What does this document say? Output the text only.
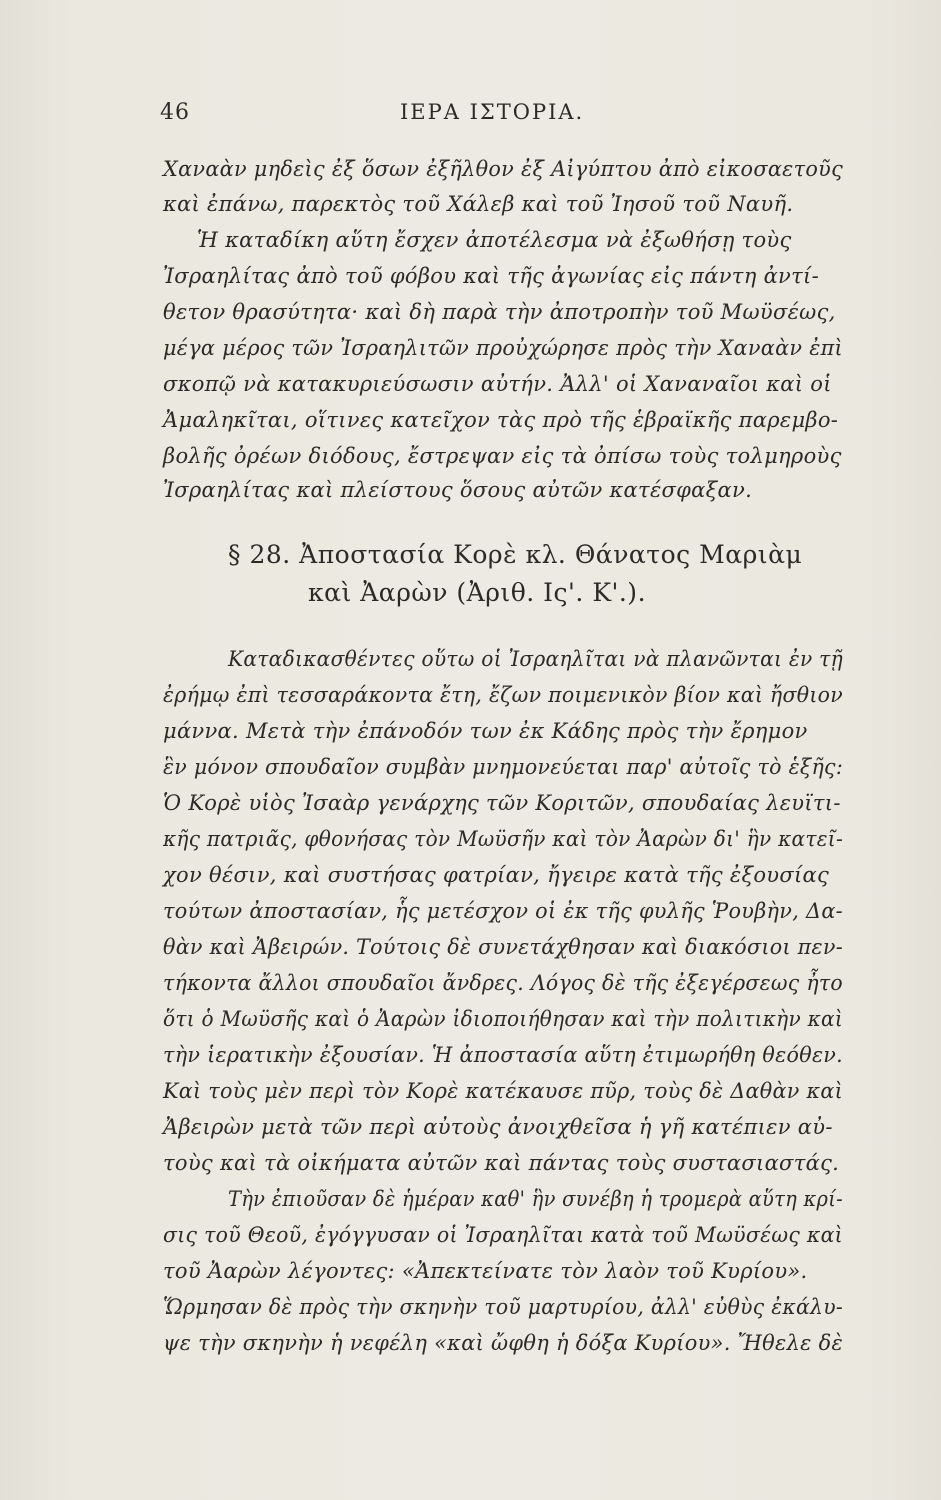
46	ΙΕΡΑ ΙΣΤΟΡΙΑ.
Χαναὰν μηδεὶς ἐξ ὅσων ἐξῆλθον ἐξ Αἰγύπτου ἀπὸ εἰκοσαετοῦς
καὶ ἐπάνω, παρεκτὸς τοῦ Χάλεβ καὶ τοῦ Ἰησοῦ τοῦ Ναυῆ.
Ἡ καταδίκη αὕτη ἔσχεν ἀποτέλεσμα νὰ ἐξωθήσῃ τοὺς
Ἰσραηλίτας ἀπὸ τοῦ φόβου καὶ τῆς ἀγωνίας εἰς πάντη ἀντί-
θετον θρασύτητα· καὶ δὴ παρὰ τὴν ἀποτροπὴν τοῦ Μωϋσέως,
μέγα μέρος τῶν Ἰσραηλιτῶν προὐχώρησε πρὸς τὴν Χαναὰν ἐπὶ
σκοπῷ νὰ κατακυριεύσωσιν αὐτήν. Ἀλλ' οἱ Χαναναῖοι καὶ οἱ
Ἀμαληκῖται, οἵτινες κατεῖχον τὰς πρὸ τῆς ἑβραϊκῆς παρεμβο-
βολῆς ὀρέων διόδους, ἔστρεψαν εἰς τὰ ὀπίσω τοὺς τολμηροὺς
Ἰσραηλίτας καὶ πλείστους ὅσους αὐτῶν κατέσφαξαν.
§ 28. Ἀποστασία Κορὲ κλ. Θάνατος Μαριὰμ
καὶ Ἀαρὼν (Ἀριθ. Ις'. Κ'.).
Καταδικασθέντες οὕτω οἱ Ἰσραηλῖται νὰ πλανῶνται ἐν τῇ
ἐρήμῳ ἐπὶ τεσσαράκοντα ἔτη, ἔζων ποιμενικὸν βίον καὶ ἤσθιον
μάννα. Μετὰ τὴν ἐπάνοδόν των ἐκ Κάδης πρὸς τὴν ἔρημον
ἓν μόνον σπουδαῖον συμβὰν μνημονεύεται παρ' αὐτοῖς τὸ ἑξῆς:
Ὁ Κορὲ υἱὸς Ἰσαὰρ γενάρχης τῶν Κοριτῶν, σπουδαίας λευϊτι-
κῆς πατριᾶς, φθονήσας τὸν Μωϋσῆν καὶ τὸν Ἀαρὼν δι' ἣν κατεῖ-
χον θέσιν, καὶ συστήσας φατρίαν, ἤγειρε κατὰ τῆς ἐξουσίας
τούτων ἀποστασίαν, ἧς μετέσχον οἱ ἐκ τῆς φυλῆς Ῥουβὴν, Δα-
θὰν καὶ Ἀβειρών. Τούτοις δὲ συνετάχθησαν καὶ διακόσιοι πεν-
τήκοντα ἄλλοι σπουδαῖοι ἄνδρες. Λόγος δὲ τῆς ἐξεγέρσεως ἦτο
ὅτι ὁ Μωϋσῆς καὶ ὁ Ἀαρὼν ἰδιοποιήθησαν καὶ τὴν πολιτικὴν καὶ
τὴν ἱερατικὴν ἐξουσίαν. Ἡ ἀποστασία αὕτη ἐτιμωρήθη θεόθεν.
Καὶ τοὺς μὲν περὶ τὸν Κορὲ κατέκαυσε πῦρ, τοὺς δὲ Δαθὰν καὶ
Ἀβειρὼν μετὰ τῶν περὶ αὐτοὺς ἀνοιχθεῖσα ἡ γῆ κατέπιεν αὐ-
τοὺς καὶ τὰ οἰκήματα αὐτῶν καὶ πάντας τοὺς συστασιαστάς.
Τὴν ἐπιοῦσαν δὲ ἡμέραν καθ' ἣν συνέβη ἡ τρομερὰ αὕτη κρί-
σις τοῦ Θεοῦ, ἐγόγγυσαν οἱ Ἰσραηλῖται κατὰ τοῦ Μωϋσέως καὶ
τοῦ Ἀαρὼν λέγοντες: «Ἀπεκτείνατε τὸν λαὸν τοῦ Κυρίου».
Ὥρμησαν δὲ πρὸς τὴν σκηνὴν τοῦ μαρτυρίου, ἀλλ' εὐθὺς ἐκάλυ-
ψε τὴν σκηνὴν ἡ νεφέλη «καὶ ὤφθη ἡ δόξα Κυρίου». Ἤθελε δὲ
